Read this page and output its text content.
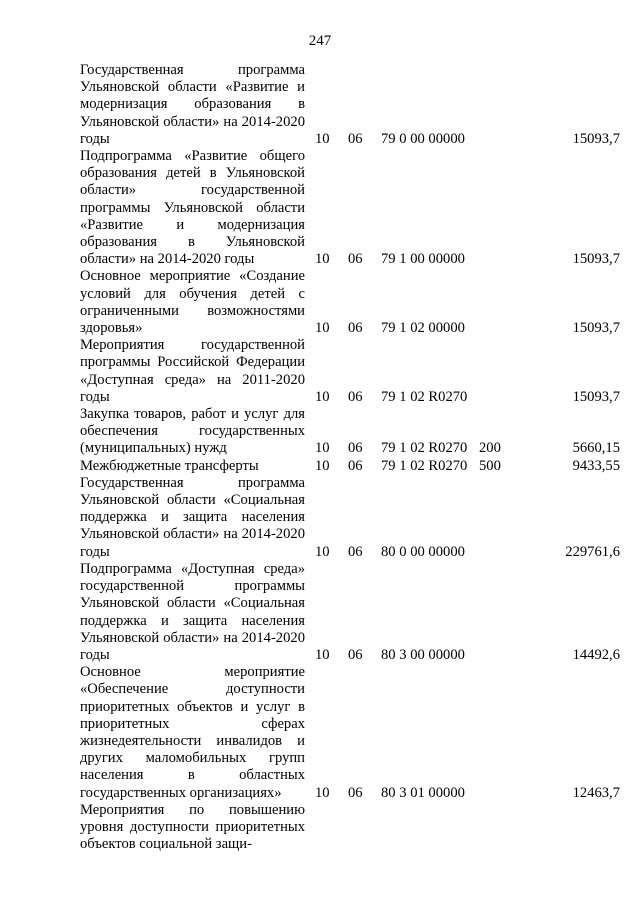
247
Государственная программа Ульяновской области «Развитие и модернизация образования в Ульяновской области» на 2014-2020 годы	10 06 79 0 00 00000	15093,7
Подпрограмма «Развитие общего образования детей в Ульяновской области» государственной программы Ульяновской области «Развитие и модернизация образования в Ульяновской области» на 2014-2020 годы	10 06 79 1 00 00000	15093,7
Основное мероприятие «Создание условий для обучения детей с ограниченными возможностями здоровья»	10 06 79 1 02 00000	15093,7
Мероприятия государственной программы Российской Федерации «Доступная среда» на 2011-2020 годы	10 06 79 1 02 R0270	15093,7
Закупка товаров, работ и услуг для обеспечения государственных (муниципальных) нужд	10 06 79 1 02 R0270 200	5660,15
Межбюджетные трансферты	10 06 79 1 02 R0270 500	9433,55
Государственная программа Ульяновской области «Социальная поддержка и защита населения Ульяновской области» на 2014-2020 годы	10 06 80 0 00 00000	229761,6
Подпрограмма «Доступная среда» государственной программы Ульяновской области «Социальная поддержка и защита населения Ульяновской области» на 2014-2020 годы	10 06 80 3 00 00000	14492,6
Основное мероприятие «Обеспечение доступности приоритетных объектов и услуг в приоритетных сферах жизнедеятельности инвалидов и других маломобильных групп населения в областных государственных организациях»	10 06 80 3 01 00000	12463,7
Мероприятия по повышению уровня доступности приоритетных объектов социальной защи-
